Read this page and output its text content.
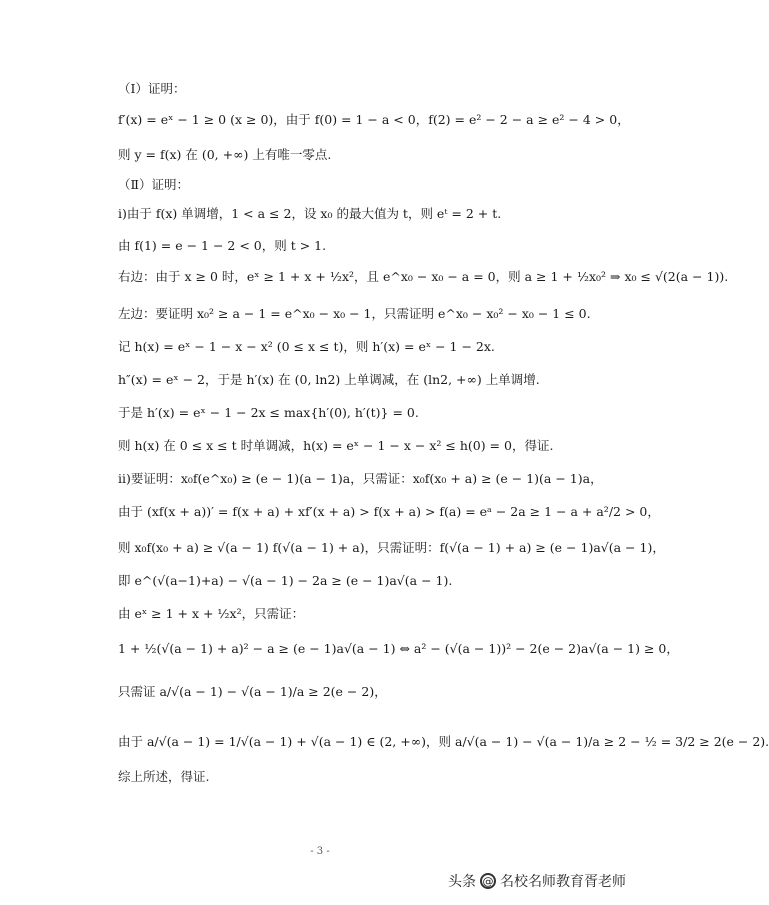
（Ⅰ）证明：
f′(x) = eˣ − 1 ≥ 0 (x ≥ 0)，由于 f(0) = 1 − a < 0，f(2) = e² − 2 − a ≥ e² − 4 > 0，
则 y = f(x) 在 (0, +∞) 上有唯一零点.
（Ⅱ）证明：
ⅰ)由于 f(x) 单调增，1 < a ≤ 2，设 x₀ 的最大值为 t，则 eᵗ = 2 + t.
由 f(1) = e − 1 − 2 < 0，则 t > 1.
右边：由于 x ≥ 0 时，eˣ ≥ 1 + x + ½x²，且 e^x₀ − x₀ − a = 0，则 a ≥ 1 + ½x₀² ⇒ x₀ ≤ √(2(a − 1)).
左边：要证明 x₀² ≥ a − 1 = e^x₀ − x₀ − 1，只需证明 e^x₀ − x₀² − x₀ − 1 ≤ 0.
记 h(x) = eˣ − 1 − x − x² (0 ≤ x ≤ t)，则 h′(x) = eˣ − 1 − 2x.
h″(x) = eˣ − 2，于是 h′(x) 在 (0, ln2) 上单调减，在 (ln2, +∞) 上单调增.
于是 h′(x) = eˣ − 1 − 2x ≤ max{h′(0), h′(t)} = 0.
则 h(x) 在 0 ≤ x ≤ t 时单调减，h(x) = eˣ − 1 − x − x² ≤ h(0) = 0，得证.
ⅱ)要证明：x₀f(e^x₀) ≥ (e − 1)(a − 1)a，只需证：x₀f(x₀ + a) ≥ (e − 1)(a − 1)a，
由于 (xf(x + a))′ = f(x + a) + xf′(x + a) > f(x + a) > f(a) = eᵃ − 2a ≥ 1 − a + a²/2 > 0，
则 x₀f(x₀ + a) ≥ √(a − 1) f(√(a − 1) + a)，只需证明：f(√(a − 1) + a) ≥ (e − 1)a√(a − 1)，
即 e^(√(a−1)+a) − √(a − 1) − 2a ≥ (e − 1)a√(a − 1).
由 eˣ ≥ 1 + x + ½x²，只需证：
1 + ½(√(a − 1) + a)² − a ≥ (e − 1)a√(a − 1) ⇔ a² − (√(a − 1))² − 2(e − 2)a√(a − 1) ≥ 0，
只需证 a/√(a − 1) − √(a − 1)/a ≥ 2(e − 2)，
由于 a/√(a − 1) = 1/√(a − 1) + √(a − 1) ∈ (2, +∞)，则 a/√(a − 1) − √(a − 1)/a ≥ 2 − ½ = 3/2 ≥ 2(e − 2).
综上所述，得证.
- 3 -
头条 @ 名校名师教育胥老师
